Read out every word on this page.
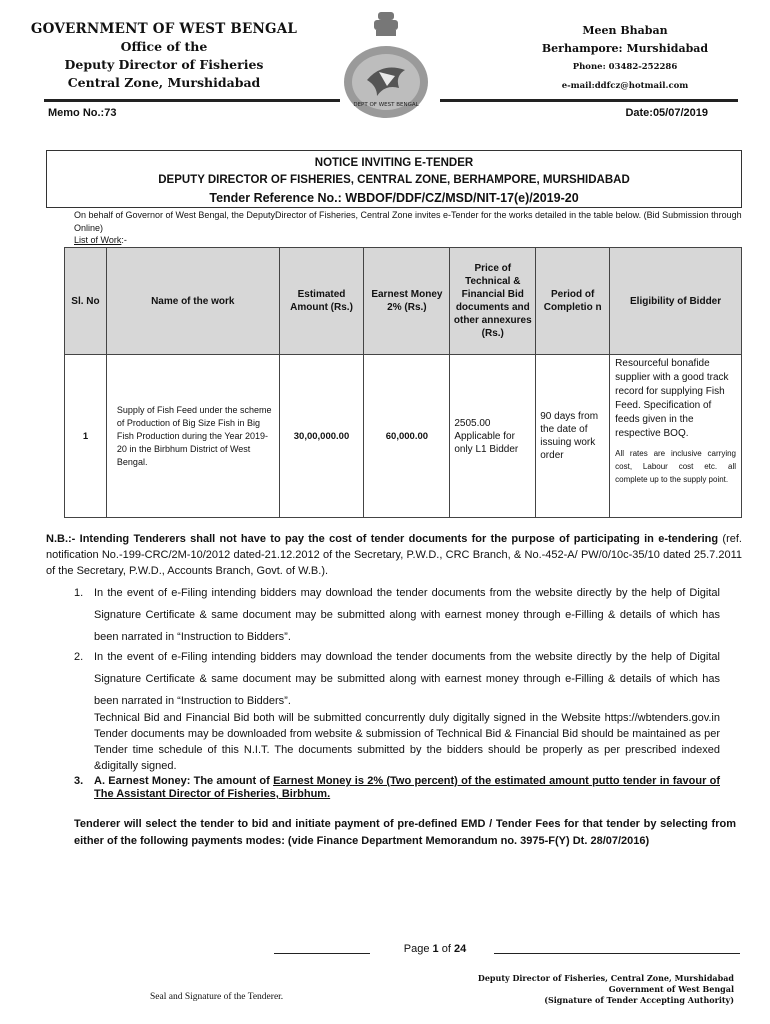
GOVERNMENT OF WEST BENGAL
Office of the
Deputy Director of Fisheries
Central Zone, Murshidabad
DEPT OF WEST BENGAL
Meen Bhaban
Berhampore: Murshidabad
Phone: 03482-252286
e-mail:ddfcz@hotmail.com
Memo No.:73	Date:05/07/2019
NOTICE INVITING E-TENDER
DEPUTY DIRECTOR OF FISHERIES, CENTRAL ZONE, BERHAMPORE, MURSHIDABAD
Tender Reference No.: WBDOF/DDF/CZ/MSD/NIT-17(e)/2019-20
On behalf of Governor of West Bengal, the DeputyDirector of Fisheries, Central Zone invites e-Tender for the works detailed in the table below. (Bid Submission through Online)
List of Work:-
Sl. No	Name of the work	Estimated Amount (Rs.)	Earnest Money 2% (Rs.)	Price of Technical & Financial Bid documents and other annexures (Rs.)	Period of Completio n	Eligibility of Bidder
1	Supply of Fish Feed under the scheme of Production of Big Size Fish in Big Fish Production during the Year 2019-20 in the Birbhum District of West Bengal.	30,00,000.00	60,000.00	2505.00 Applicable for only L1 Bidder	90 days from the date of issuing work order	Resourceful bonafide supplier with a good track record for supplying Fish Feed. Specification of feeds given in the respective BOQ.
All rates are inclusive carrying cost, Labour cost etc. all complete up to the supply point.
N.B.:- Intending Tenderers shall not have to pay the cost of tender documents for the purpose of participating in e-tendering (ref. notification No.-199-CRC/2M-10/2012 dated-21.12.2012 of the Secretary, P.W.D., CRC Branch, & No.-452-A/ PW/0/10c-35/10 dated 25.7.2011 of the Secretary, P.W.D., Accounts Branch, Govt. of W.B.).
1. In the event of e-Filing intending bidders may download the tender documents from the website directly by the help of Digital Signature Certificate & same document may be submitted along with earnest money through e-Filling & details of which has been narrated in “Instruction to Bidders”.
2. In the event of e-Filing intending bidders may download the tender documents from the website directly by the help of Digital Signature Certificate & same document may be submitted along with earnest money through e-Filling & details of which has been narrated in “Instruction to Bidders”.
Technical Bid and Financial Bid both will be submitted concurrently duly digitally signed in the Website https://wbtenders.gov.in Tender documents may be downloaded from website & submission of Technical Bid & Financial Bid should be maintained as per Tender time schedule of this N.I.T. The documents submitted by the bidders should be properly as per prescribed indexed &digitally signed.
3. A. Earnest Money: The amount of Earnest Money is 2% (Two percent) of the estimated amount putto tender in favour of The Assistant Director of Fisheries, Birbhum.
Tenderer will select the tender to bid and initiate payment of pre-defined EMD / Tender Fees for that tender by selecting from either of the following payments modes: (vide Finance Department Memorandum no. 3975-F(Y) Dt. 28/07/2016)
Page 1 of 24
Deputy Director of Fisheries, Central Zone, Murshidabad
Government of West Bengal
(Signature of Tender Accepting Authority)
Seal and Signature of the Tenderer.
